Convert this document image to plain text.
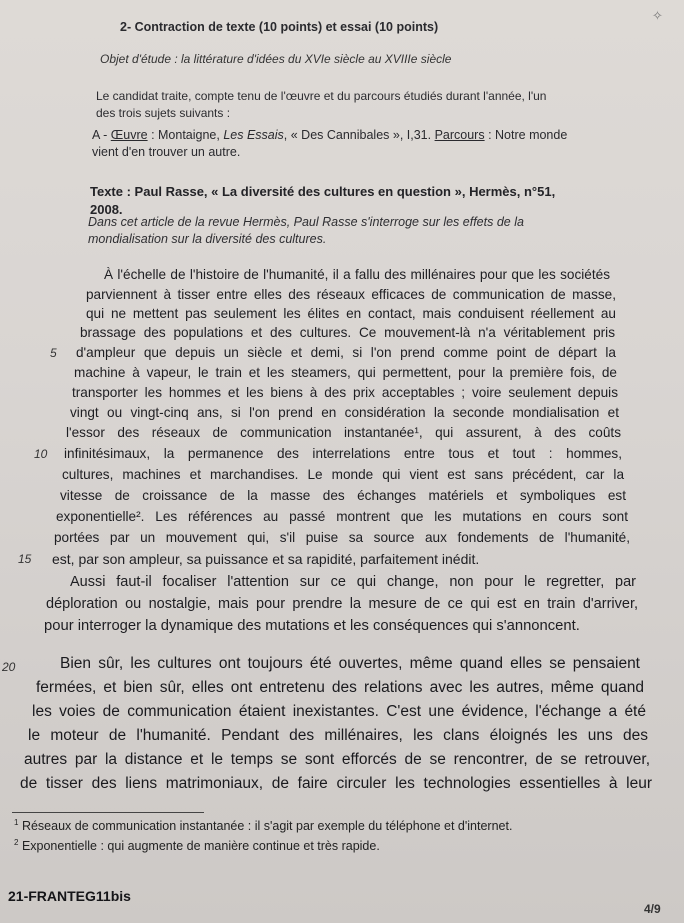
✧
2- Contraction de texte (10 points) et essai (10 points)
Objet d'étude : la littérature d'idées du XVIe siècle au XVIIIe siècle

Le candidat traite, compte tenu de l'œuvre et du parcours étudiés durant l'année, l'un

des trois sujets suivants :

A - Œuvre : Montaigne, Les Essais, « Des Cannibales », I,31. Parcours : Notre monde
vient d'en trouver un autre.
Texte : Paul Rasse, « La diversité des cultures en question », Hermès, n°51,
2008.
Dans cet article de la revue Hermès, Paul Rasse s'interroge sur les effets de la
mondialisation sur la diversité des cultures.
À l'échelle de l'histoire de l'humanité, il a fallu des millénaires pour que les sociétés
parviennent à tisser entre elles des réseaux efficaces de communication de masse,
qui ne mettent pas seulement les élites en contact, mais conduisent réellement au
brassage des populations et des cultures. Ce mouvement-là n'a véritablement pris
d'ampleur que depuis un siècle et demi, si l'on prend comme point de départ la
machine à vapeur, le train et les steamers, qui permettent, pour la première fois, de
transporter les hommes et les biens à des prix acceptables ; voire seulement depuis
vingt ou vingt-cinq ans, si l'on prend en considération la seconde mondialisation et
l'essor des réseaux de communication instantanée¹, qui assurent, à des coûts
infinitésimaux, la permanence des interrelations entre tous et tout : hommes,
cultures, machines et marchandises. Le monde qui vient est sans précédent, car la
vitesse de croissance de la masse des échanges matériels et symboliques est
exponentielle². Les références au passé montrent que les mutations en cours sont
portées par un mouvement qui, s'il puise sa source aux fondements de l'humanité,
est, par son ampleur, sa puissance et sa rapidité, parfaitement inédit.
Aussi faut-il focaliser l'attention sur ce qui change, non pour le regretter, par
déploration ou nostalgie, mais pour prendre la mesure de ce qui est en train d'arriver,
pour interroger la dynamique des mutations et les conséquences qui s'annoncent.
Bien sûr, les cultures ont toujours été ouvertes, même quand elles se pensaient
fermées, et bien sûr, elles ont entretenu des relations avec les autres, même quand
les voies de communication étaient inexistantes. C'est une évidence, l'échange a été
le moteur de l'humanité. Pendant des millénaires, les clans éloignés les uns des
autres par la distance et le temps se sont efforcés de se rencontrer, de se retrouver,
de tisser des liens matrimoniaux, de faire circuler les technologies essentielles à leur
5
10
15
20
$^1$ Réseaux de communication instantanée : il s'agit par exemple du téléphone et d'internet.
$^2$ Exponentielle : qui augmente de manière continue et très rapide.
21-FRANTEG11bis
4/9
